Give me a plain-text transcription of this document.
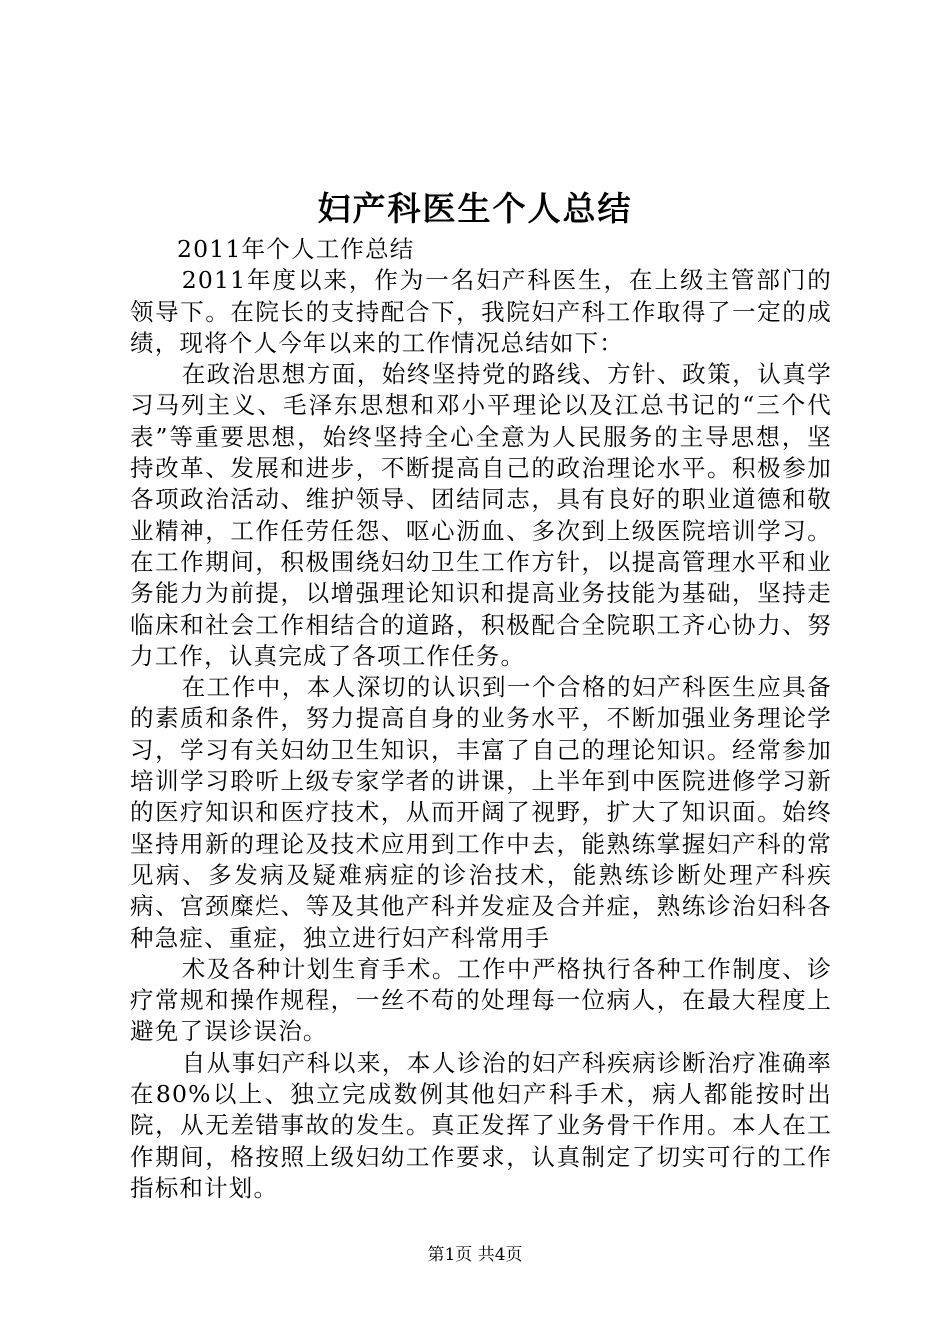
妇产科医生个人总结

2011年个人工作总结

2011年度以来，作为一名妇产科医生，在上级主管部门的领导下。在院长的支持配合下，我院妇产科工作取得了一定的成绩，现将个人今年以来的工作情况总结如下：

在政治思想方面，始终坚持党的路线、方针、政策，认真学习马列主义、毛泽东思想和邓小平理论以及江总书记的“三个代表”等重要思想，始终坚持全心全意为人民服务的主导思想，坚持改革、发展和进步，不断提高自己的政治理论水平。积极参加各项政治活动、维护领导、团结同志，具有良好的职业道德和敬业精神，工作任劳任怨、呕心沥血、多次到上级医院培训学习。在工作期间，积极围绕妇幼卫生工作方针，以提高管理水平和业务能力为前提，以增强理论知识和提高业务技能为基础，坚持走临床和社会工作相结合的道路，积极配合全院职工齐心协力、努力工作，认真完成了各项工作任务。

在工作中，本人深切的认识到一个合格的妇产科医生应具备的素质和条件，努力提高自身的业务水平，不断加强业务理论学习，学习有关妇幼卫生知识，丰富了自己的理论知识。经常参加培训学习聆听上级专家学者的讲课，上半年到中医院进修学习新的医疗知识和医疗技术，从而开阔了视野，扩大了知识面。始终坚持用新的理论及技术应用到工作中去，能熟练掌握妇产科的常见病、多发病及疑难病症的诊治技术，能熟练诊断处理产科疾病、宫颈糜烂、等及其他产科并发症及合并症，熟练诊治妇科各种急症、重症，独立进行妇产科常用手

术及各种计划生育手术。工作中严格执行各种工作制度、诊疗常规和操作规程，一丝不苟的处理每一位病人，在最大程度上避免了误诊误治。

自从事妇产科以来，本人诊治的妇产科疾病诊断治疗准确率在80%以上、独立完成数例其他妇产科手术，病人都能按时出院，从无差错事故的发生。真正发挥了业务骨干作用。本人在工作期间，格按照上级妇幼工作要求，认真制定了切实可行的工作指标和计划。

第1页 共4页
